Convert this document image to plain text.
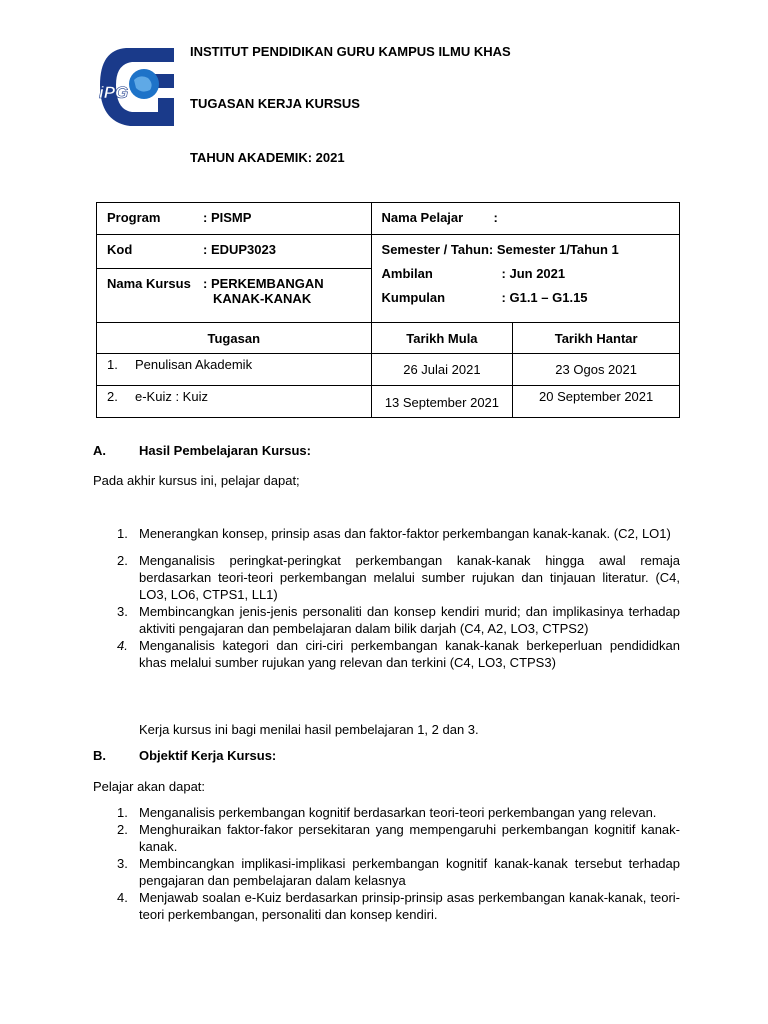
iPG
INSTITUT PENDIDIKAN GURU KAMPUS ILMU KHAS
TUGASAN KERJA KURSUS
TAHUN AKADEMIK: 2021
Program : PISMP	Nama Pelajar :	

Kod : EDUP3023	Semester / Tahun: Semester 1/Tahun 1
Ambilan : Jun 2021
Kumpulan : G1.1 – G1.15	

Nama Kursus : PERKEMBANGAN
KANAK-KANAK		

Tugasan	Tarikh Mula	Tarikh Hantar

1. Penulisan Akademik	26 Julai 2021	23 Ogos 2021

2. e-Kuiz : Kuiz	13 September 2021	20 September 2021
A.	Hasil Pembelajaran Kursus:
Pada akhir kursus ini, pelajar dapat;
1. Menerangkan konsep, prinsip asas dan faktor-faktor perkembangan kanak-kanak. (C2, LO1)
2. Menganalisis peringkat-peringkat perkembangan kanak-kanak hingga awal remaja berdasarkan teori-teori perkembangan melalui sumber rujukan dan tinjauan literatur. (C4, LO3, LO6, CTPS1, LL1)
3. Membincangkan jenis-jenis personaliti dan konsep kendiri murid; dan implikasinya terhadap aktiviti pengajaran dan pembelajaran dalam bilik darjah (C4, A2, LO3, CTPS2)
4. Menganalisis kategori dan ciri-ciri perkembangan kanak-kanak berkeperluan pendididkan khas melalui sumber rujukan yang relevan dan terkini (C4, LO3, CTPS3)
Kerja kursus ini bagi menilai hasil pembelajaran 1, 2 dan 3.
B.	Objektif Kerja Kursus:
Pelajar akan dapat:
1. Menganalisis perkembangan kognitif berdasarkan teori-teori perkembangan yang relevan.
2. Menghuraikan faktor-fakor persekitaran yang mempengaruhi perkembangan kognitif kanak-kanak.
3. Membincangkan implikasi-implikasi perkembangan kognitif kanak-kanak tersebut terhadap pengajaran dan pembelajaran dalam kelasnya
4. Menjawab soalan e-Kuiz berdasarkan prinsip-prinsip asas perkembangan kanak-kanak, teori-teori perkembangan, personaliti dan konsep kendiri.
